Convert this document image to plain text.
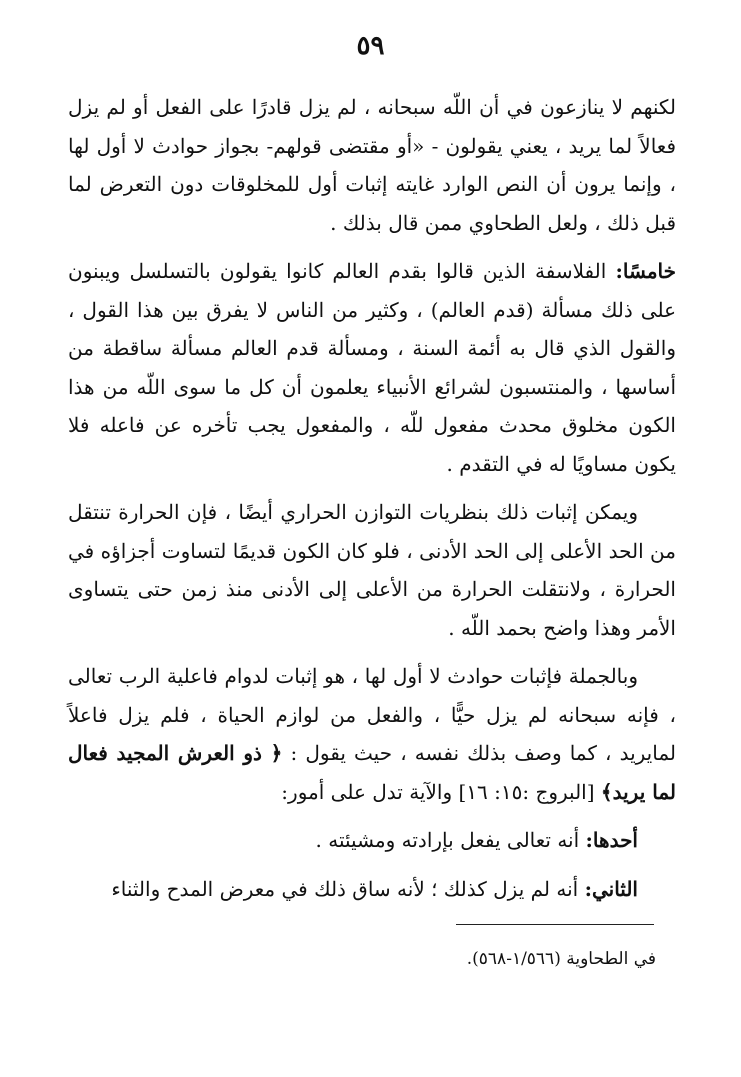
٥٩

لكنهم لا ينازعون في أن اللّه سبحانه ، لم يزل قادرًا على الفعل أو لم يزل فعالاً لما يريد ، يعني يقولون - «أو مقتضى قولهم- بجواز حوادث لا أول لها ، وإنما يرون أن النص الوارد غايته إثبات أول للمخلوقات دون التعرض لما قبل ذلك ، ولعل الطحاوي ممن قال بذلك .

خامسًا: الفلاسفة الذين قالوا بقدم العالم كانوا يقولون بالتسلسل ويبنون على ذلك مسألة (قدم العالم) ، وكثير من الناس لا يفرق بين هذا القول ، والقول الذي قال به أئمة السنة ، ومسألة قدم العالم مسألة ساقطة من أساسها ، والمنتسبون لشرائع الأنبياء يعلمون أن كل ما سوى اللّه من هذا الكون مخلوق محدث مفعول للّه ، والمفعول يجب تأخره عن فاعله فلا يكون مساويًا له في التقدم .

ويمكن إثبات ذلك بنظريات التوازن الحراري أيضًا ، فإن الحرارة تنتقل من الحد الأعلى إلى الحد الأدنى ، فلو كان الكون قديمًا لتساوت أجزاؤه في الحرارة ، ولانتقلت الحرارة من الأعلى إلى الأدنى منذ زمن حتى يتساوى الأمر وهذا واضح بحمد اللّه .

وبالجملة فإثبات حوادث لا أول لها ، هو إثبات لدوام فاعلية الرب تعالى ، فإنه سبحانه لم يزل حيًّا ، والفعل من لوازم الحياة ، فلم يزل فاعلاً لمايريد ، كما وصف بذلك نفسه ، حيث يقول : ﴿ ذو العرش المجيد فعال لما يريد﴾ [البروج :١٥: ١٦] والآية تدل على أمور:

أحدها: أنه تعالى يفعل بإرادته ومشيئته .

الثاني: أنه لم يزل كذلك ؛ لأنه ساق ذلك في معرض المدح والثناء

في الطحاوية (١/٥٦٦-٥٦٨).
